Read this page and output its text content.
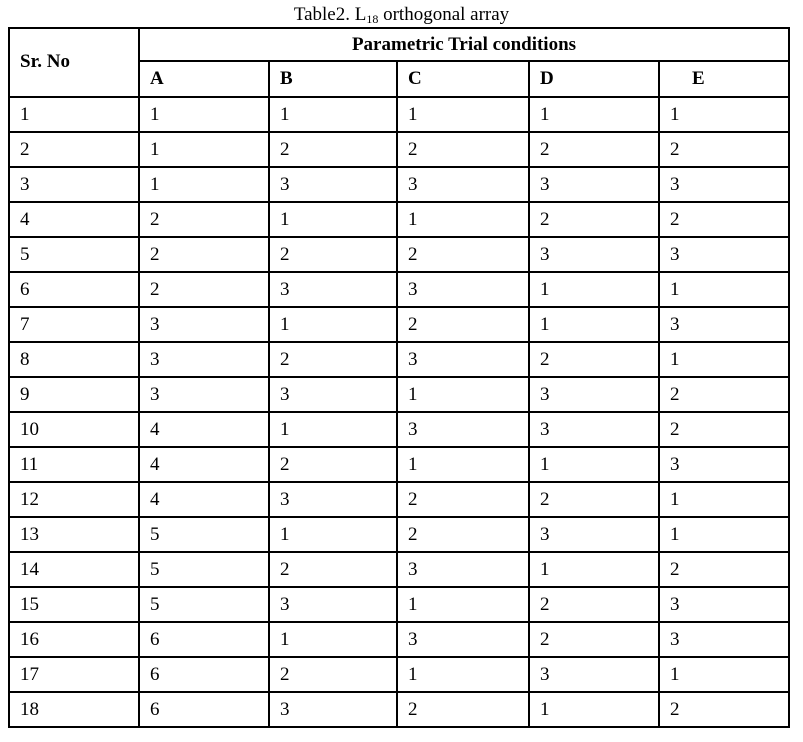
Table2. $L_{18}$ orthogonal array
Sr. No	Parametric Trial conditions				
	A	B	C	D	E
1	1	1	1	1	1
2	1	2	2	2	2
3	1	3	3	3	3
4	2	1	1	2	2
5	2	2	2	3	3
6	2	3	3	1	1
7	3	1	2	1	3
8	3	2	3	2	1
9	3	3	1	3	2
10	4	1	3	3	2
11	4	2	1	1	3
12	4	3	2	2	1
13	5	1	2	3	1
14	5	2	3	1	2
15	5	3	1	2	3
16	6	1	3	2	3
17	6	2	1	3	1
18	6	3	2	1	2
